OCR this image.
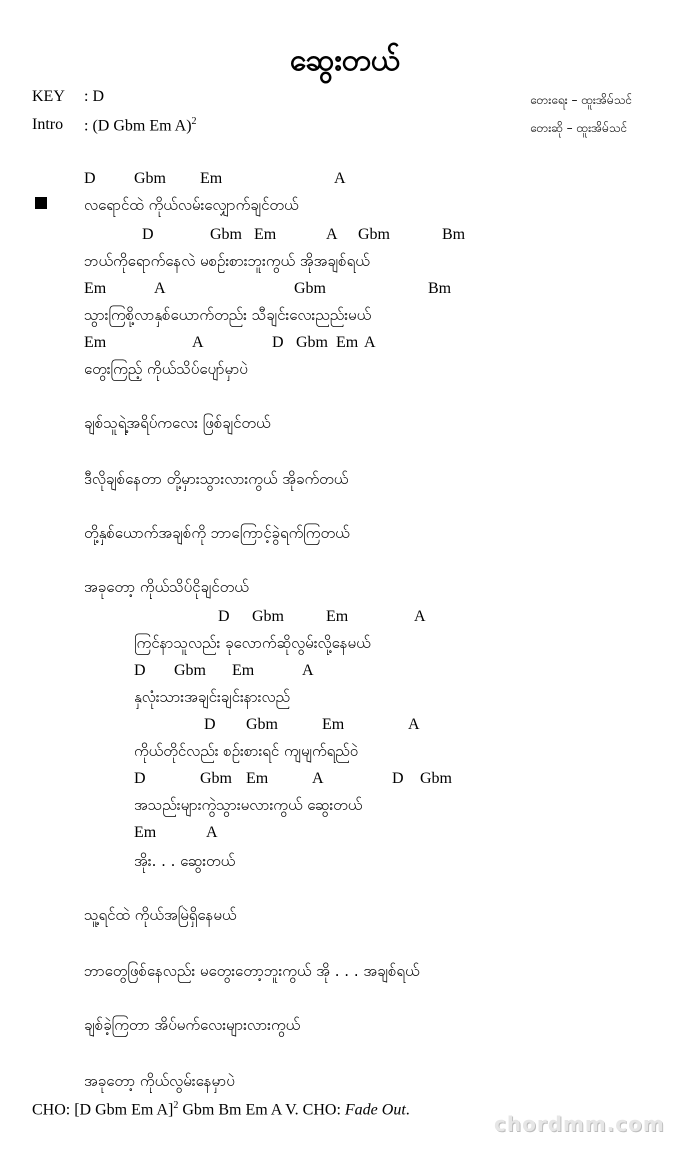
ဆွေးတယ်
KEY : D
Intro : (D Gbm Em A)$^2$
တေးရေး – ထူးအိမ်သင်
တေးဆို – ထူးအိမ်သင်
D Gbm Em	A
လရောင်ထဲ ကိုယ်လမ်းလျှောက်ချင်တယ်
D	Gbm Em	A Gbm	Bm
ဘယ်ကိုရောက်နေလဲ မစဉ်းစားဘူးကွယ် အိုအချစ်ရယ်
Em	A	Gbm	Bm
သွားကြစို့လာနှစ်ယောက်တည်း သီချင်းလေးညည်းမယ်
Em	A	D Gbm Em A
တွေးကြည့် ကိုယ်သိပ်ပျော်မှာပဲ
ချစ်သူရဲ့အရိပ်ကလေး ဖြစ်ချင်တယ်
ဒီလိုချစ်နေတာ တို့မှားသွားလားကွယ် အိုခက်တယ်
တို့နှစ်ယောက်အချစ်ကို ဘာကြောင့်ခွဲရက်ကြတယ်
အခုတော့ ကိုယ်သိပ်ငိုချင်တယ်
D Gbm	Em	A
ကြင်နာသူလည်း ခုလောက်ဆိုလွမ်းလို့နေမယ်
D Gbm Em	A
နှလုံးသားအချင်းချင်းနားလည်
D Gbm	Em	A
ကိုယ်တိုင်လည်း စဉ်းစားရင် ကျမျက်ရည်ဝဲ
D	Gbm Em	A	D Gbm
အသည်းများကွဲသွားမလားကွယ် ဆွေးတယ်
Em	A
အိုး. . . ဆွေးတယ်
သူ့ရင်ထဲ ကိုယ်အမြဲရှိနေမယ်
ဘာတွေဖြစ်နေလည်း မတွေးတော့ဘူးကွယ် အို . . . အချစ်ရယ်
ချစ်ခဲ့ကြတာ အိပ်မက်လေးများလားကွယ်
အခုတော့ ကိုယ်လွမ်းနေမှာပဲ
CHO: [D Gbm Em A]$^2$ Gbm Bm Em A V. CHO: Fade Out.
chordmm.com
